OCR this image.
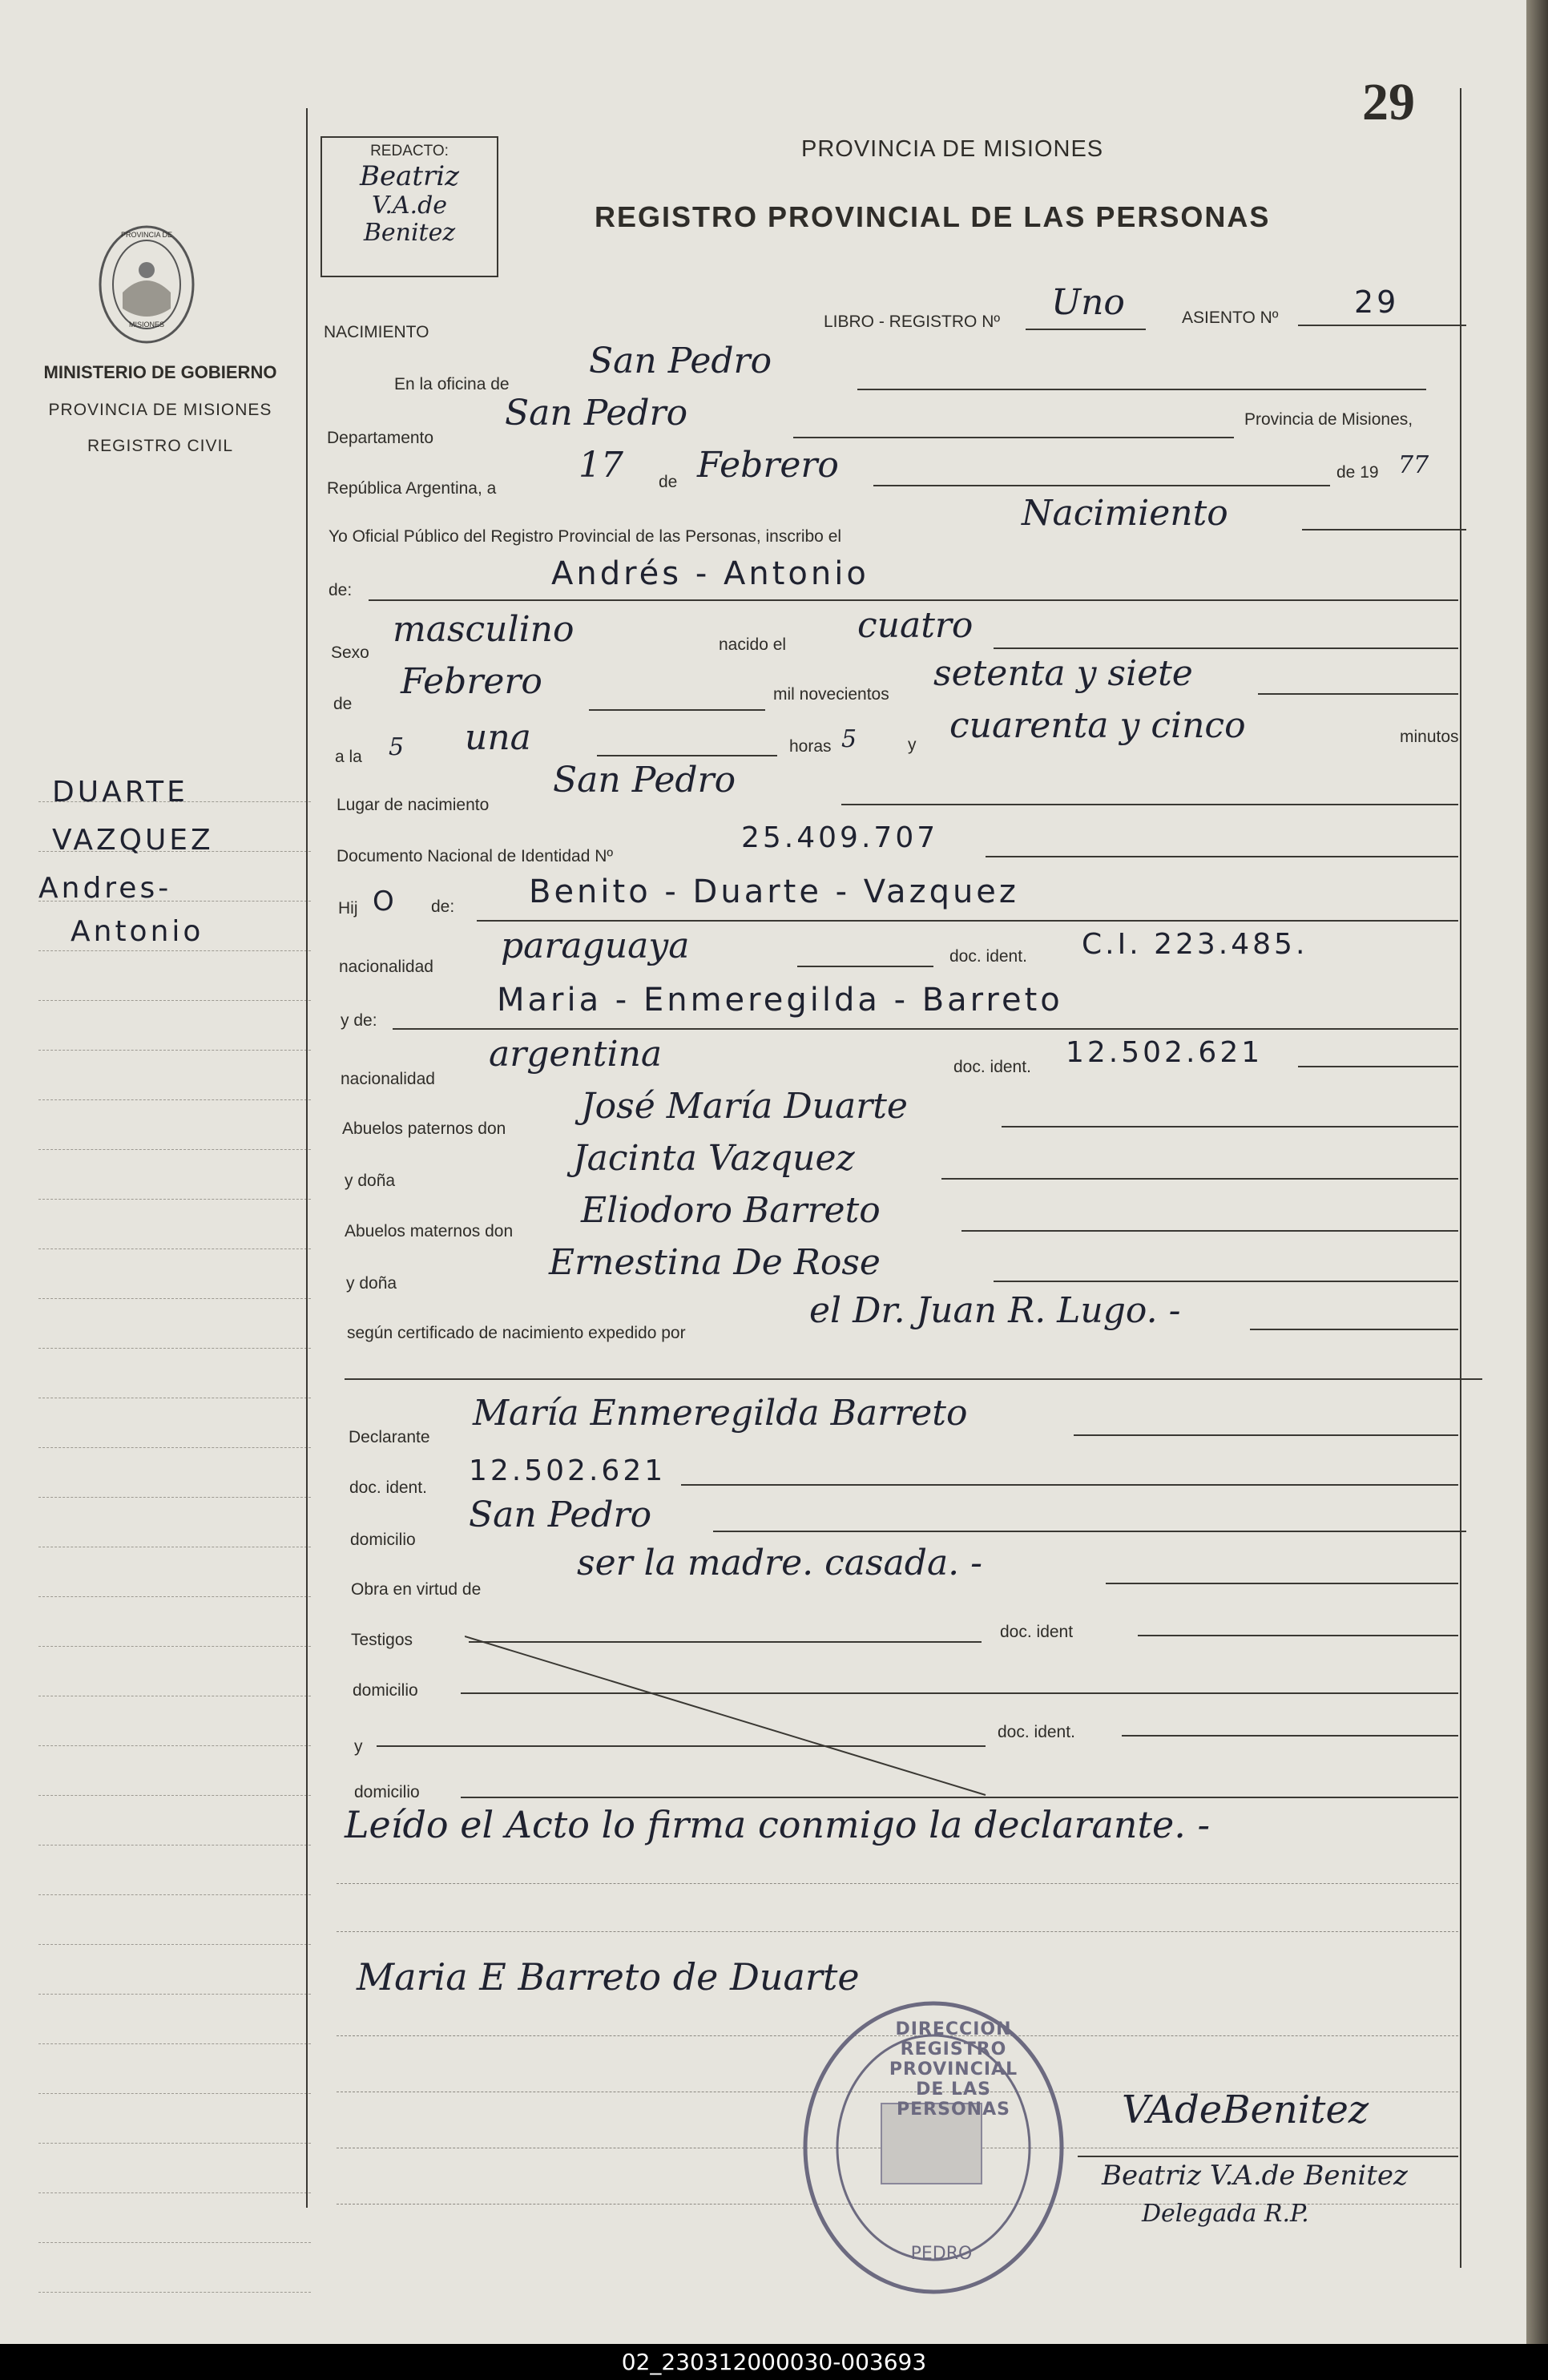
29
PROVINCIA DE
MISIONES
MINISTERIO DE GOBIERNO
PROVINCIA DE MISIONES
REGISTRO CIVIL
DUARTE
VAZQUEZ
Andres-
Antonio
REDACTO:
Beatriz
V.A.de
Benitez
PROVINCIA DE MISIONES
REGISTRO PROVINCIAL DE LAS PERSONAS
NACIMIENTO
LIBRO - REGISTRO Nº Uno	ASIENTO Nº 29
En la oficina de
San Pedro
Departamento
San Pedro	Provincia de Misiones,
República Argentina, a
17 de Febrero	de 19 77
Yo Oficial Público del Registro Provincial de las Personas, inscribo el
Nacimiento
de:	Andrés - Antonio
Sexo
masculino	nacido el cuatro
de
Febrero	mil novecientos
setenta y siete
a la 5 una	horas 5	y cuarenta y cinco	minutos
Lugar de nacimiento
San Pedro
Documento Nacional de Identidad Nº
25.409.707
Hij O de: Benito - Duarte - Vazquez
nacionalidad
paraguaya	doc. ident. C.I. 223.485.
y de:
Maria - Enmeregilda - Barreto
nacionalidad
argentina	doc. ident. 12.502.621
Abuelos paternos don
José María Duarte
y doña
Jacinta Vazquez
Abuelos maternos don
Eliodoro Barreto
y doña
Ernestina De Rose
según certificado de nacimiento expedido por
el Dr. Juan R. Lugo. -
Declarante
María Enmeregilda Barreto
doc. ident.
12.502.621
domicilio
San Pedro
Obra en virtud de
ser la madre. casada. -
Testigos	doc. ident
domicilio
y
doc. ident.
domicilio
Leído el Acto lo firma conmigo la declarante. -
Maria E Barreto de Duarte
DIRECCION REGISTRO PROVINCIAL DE LAS PERSONAS
PEDRO
VAdeBenitez
Beatriz V.A.de Benitez
Delegada R.P.
02_230312000030-003693
